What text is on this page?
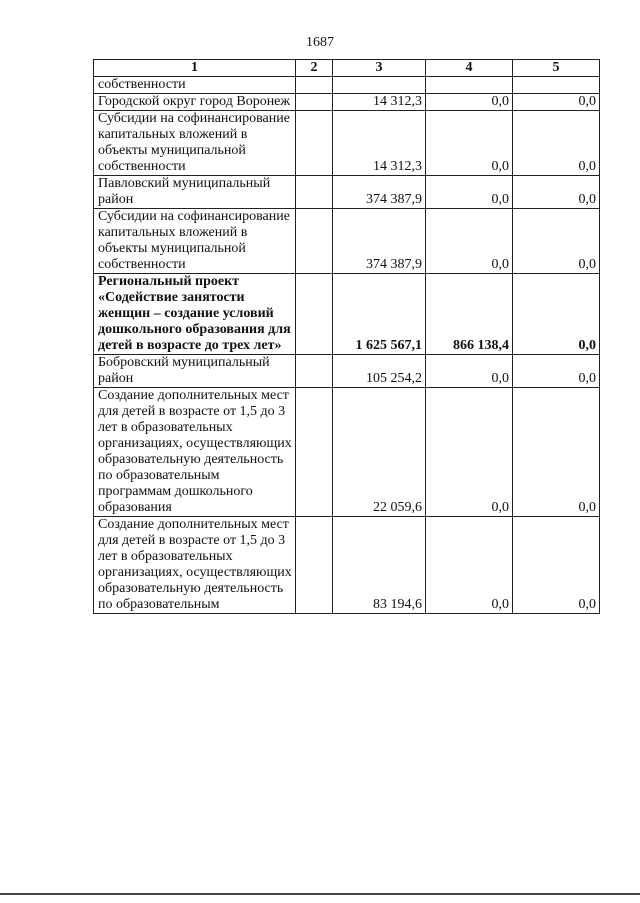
1687
1	2	3	4	5
собственности				
Городской округ город Воронеж		14 312,3	0,0	0,0
Субсидии на софинансирование капитальных вложений в объекты муниципальной собственности		14 312,3	0,0	0,0
Павловский муниципальный район		374 387,9	0,0	0,0
Субсидии на софинансирование капитальных вложений в объекты муниципальной собственности		374 387,9	0,0	0,0
Региональный проект «Содействие занятости женщин – создание условий дошкольного образования для детей в возрасте до трех лет»		1 625 567,1	866 138,4	0,0
Бобровский муниципальный район		105 254,2	0,0	0,0
Создание дополнительных мест для детей в возрасте от 1,5 до 3 лет в образовательных организациях, осуществляющих образовательную деятельность по образовательным программам дошкольного образования		22 059,6	0,0	0,0
Создание дополнительных мест для детей в возрасте от 1,5 до 3 лет в образовательных организациях, осуществляющих образовательную деятельность по образовательным		83 194,6	0,0	0,0
